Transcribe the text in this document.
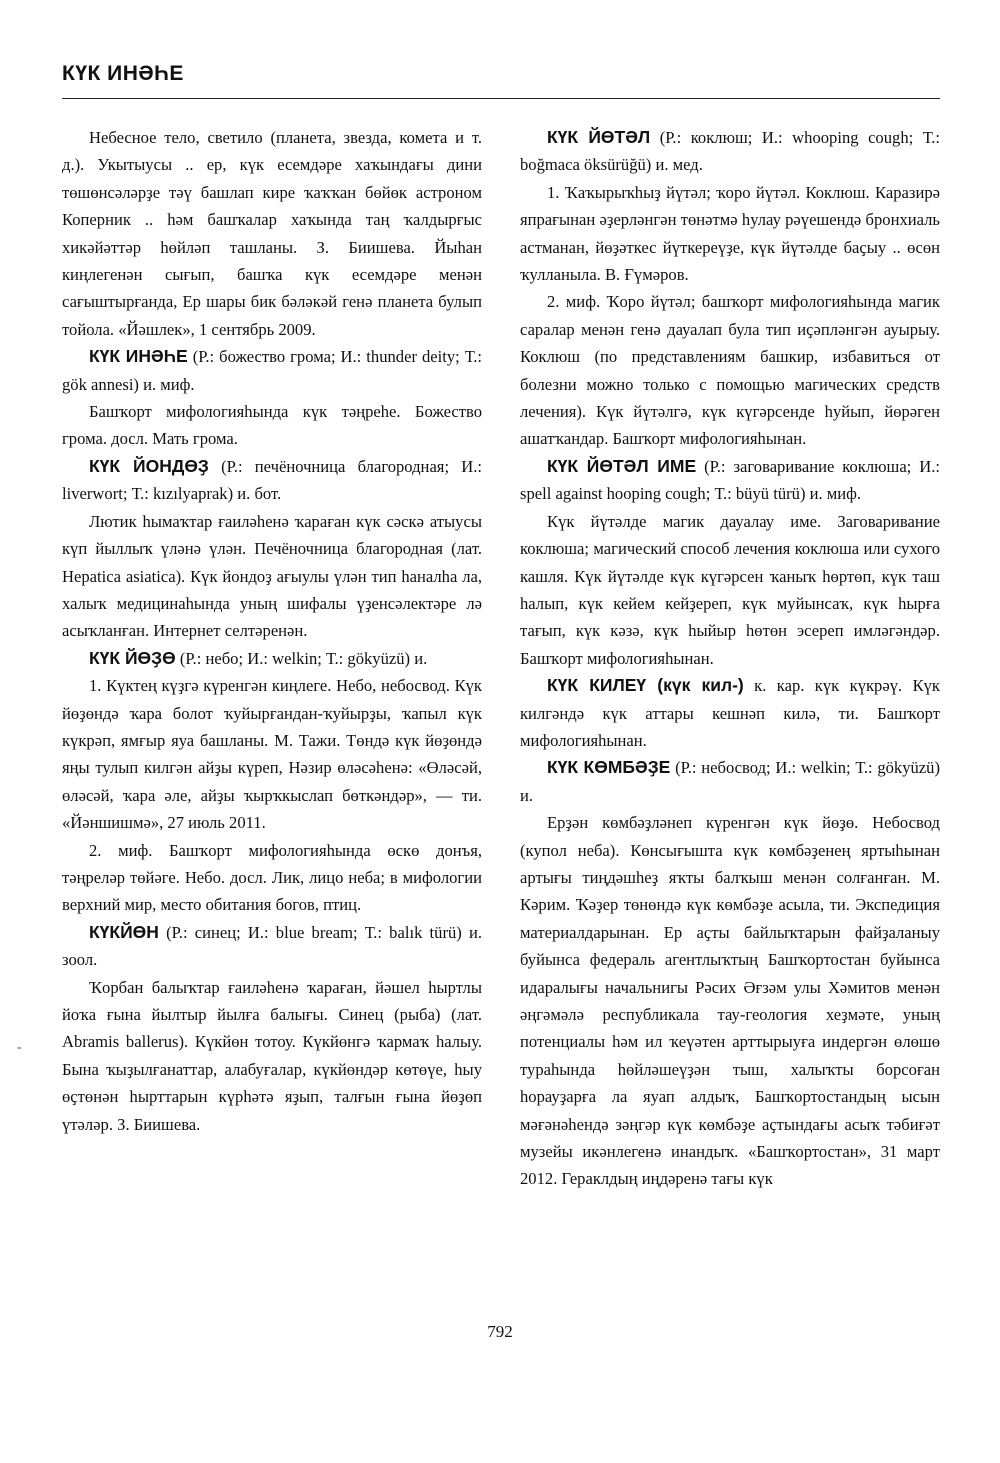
КҮК ИНӘҺЕ
-

Небесное тело, светило (планета, звезда, комета и т. д.). Укытыусы .. ер, күк есемдәре хаҡындағы дини төшөнсәләрҙе тәү башлап кире ҡаҡҡан бөйөк астроном Коперник .. һәм башҡалар хаҡында таң ҡалдырғыс хикәйәттәр һөйләп ташланы. З. Биишева. Йыһан киңлегенән сығып, башҡа күк есемдәре менән сағыштырғанда, Ер шары бик бәләкәй генә планета булып тойола. «Йәшлек», 1 сентябрь 2009.

КҮК ИНӘҺЕ (Р.: божество грома; И.: thunder deity; Т.: gök annesi) и. миф.

Башҡорт мифологияһында күк тәңреһе. Божество грома. досл. Мать грома.

КҮК ЙОНДӨҘ (Р.: печёночница благородная; И.: liverwort; Т.: kızılyaprak) и. бот.

Лютик һымаҡтар ғаиләһенә ҡараған күк сәскә атыусы күп йыллыҡ үләнə үлән. Печёночница благородная (лат. Hepatica asiatica). Күк йондоҙ ағыулы үлән тип һаналһа ла, халыҡ медицинаһында уның шифалы үҙенсәлектәре лә асыҡланған. Интернет селтәренән.

КҮК ЙӨҘӨ (Р.: небо; И.: welkin; Т.: gökyüzü) и.

1. Күктең күҙгә күренгән киңлеге. Небо, небосвод. Күк йөҙөндә ҡара болот ҡуйырғандан-ҡуйырҙы, ҡапыл күк күкрәп, ямғыр яуа башланы. М. Тажи. Төндә күк йөҙөндә яңы тулып килгән айҙы күреп, Нәзир өләсәһенә: «Өләсәй, өләсәй, ҡара әле, айҙы ҡырҡкыслап бөткәндәр», — ти. «Йәншишмә», 27 июль 2011.

2. миф. Башҡорт мифологияһында өскө донъя, тәңреләр төйәге. Небо. досл. Лик, лицо неба; в мифологии верхний мир, место обитания богов, птиц.

КҮКЙӨН (Р.: синец; И.: blue bream; Т.: balık türü) и. зоол.

Ҡорбан балыҡтар ғаиләһенә ҡараған, йәшел һыртлы йоҡа ғына йылтыр йылға балығы. Синец (рыба) (лат. Abramis ballerus). Күкйөн тотоу. Күкйөнгә ҡармаҡ һалыу. Бына ҡыҙылғанаттар, алабуғалар, күкйөндәр көтөүе, һыу өҫтөнән һырттарын күрһәтә яҙып, талғын ғына йөҙөп үтәләр. З. Биишева.

КҮК ЙӨТӘЛ (Р.: коклюш; И.: whooping cough; Т.: boğmaca öksürüğü) и. мед.

1. Ҡаҡырыҡһыҙ йүтәл; ҡоро йүтәл. Коклюш. Каразирә япрағынан әҙерләнгән төнәтмә һулау рәүешендә бронхиаль астманан, йөҙәткес йүткереүҙе, күк йүтәлде баҫыу .. өсөн ҡулланыла. В. Ғүмәров.

2. миф. Ҡоро йүтәл; башҡорт мифологияһында магик саралар менән генә дауалап була тип иҫәпләнгән ауырыу. Коклюш (по представлениям башкир, избавиться от болезни можно только с помощью магических средств лечения). Күк йүтәлгә, күк күгәрсенде һуйып, йөрәген ашатҡандар. Башҡорт мифологияһынан.

КҮК ЙӨТӘЛ ИМЕ (Р.: заговаривание коклюша; И.: spell against hooping cough; Т.: büyü türü) и. миф.

Күк йүтәлде магик дауалау име. Заговаривание коклюша; магический способ лечения коклюша или сухого кашля. Күк йүтәлде күк күгәрсен ҡаныҡ һөртөп, күк таш һалып, күк кейем кейҙереп, күк муйынсаҡ, күк һырға тағып, күк кәзә, күк һыйыр һөтөн эсереп имләгәндәр. Башҡорт мифологияһынан.

КҮК КИЛЕҮ (күк кил-) к. кар. күк күкрәү. Күк килгәндә күк аттары кешнәп килә, ти. Башҡорт мифологияһынан.

КҮК КӨМБӘҘЕ (Р.: небосвод; И.: welkin; Т.: gökyüzü) и.

Ерҙән көмбәҙләнеп күренгән күк йөҙө. Небосвод (купол неба). Көнсығышта күк көмбәҙенең яртыһынан артығы тиңдәшһеҙ яҡты балҡыш менән солғанған. М. Кәрим. Ҡәҙер төнөндә күк көмбәҙе асыла, ти. Экспедиция материалдарынан. Ер аҫты байлыҡтарын файҙаланыу буйынса федераль агентлыҡтың Башҡортостан буйынса идаралығы начальнигы Рәсих Әғзәм улы Хәмитов менән әңгәмәлә республикала тау-геология хеҙмәте, уның потенциалы һәм ил ҡеүәтен арттырыуға индергән өлөшө тураһында һөйләшеүҙән тыш, халыҡты борсоған һорауҙарға ла яуап алдыҡ, Башҡортостандың ысын мәғәнәһендә зәңгәр күк көмбәҙе аҫтындағы асыҡ тәбиғәт музейы икәнлегенә инандыҡ. «Башҡортостан», 31 март 2012. Гераклдың иңдәренә тағы күк

792
